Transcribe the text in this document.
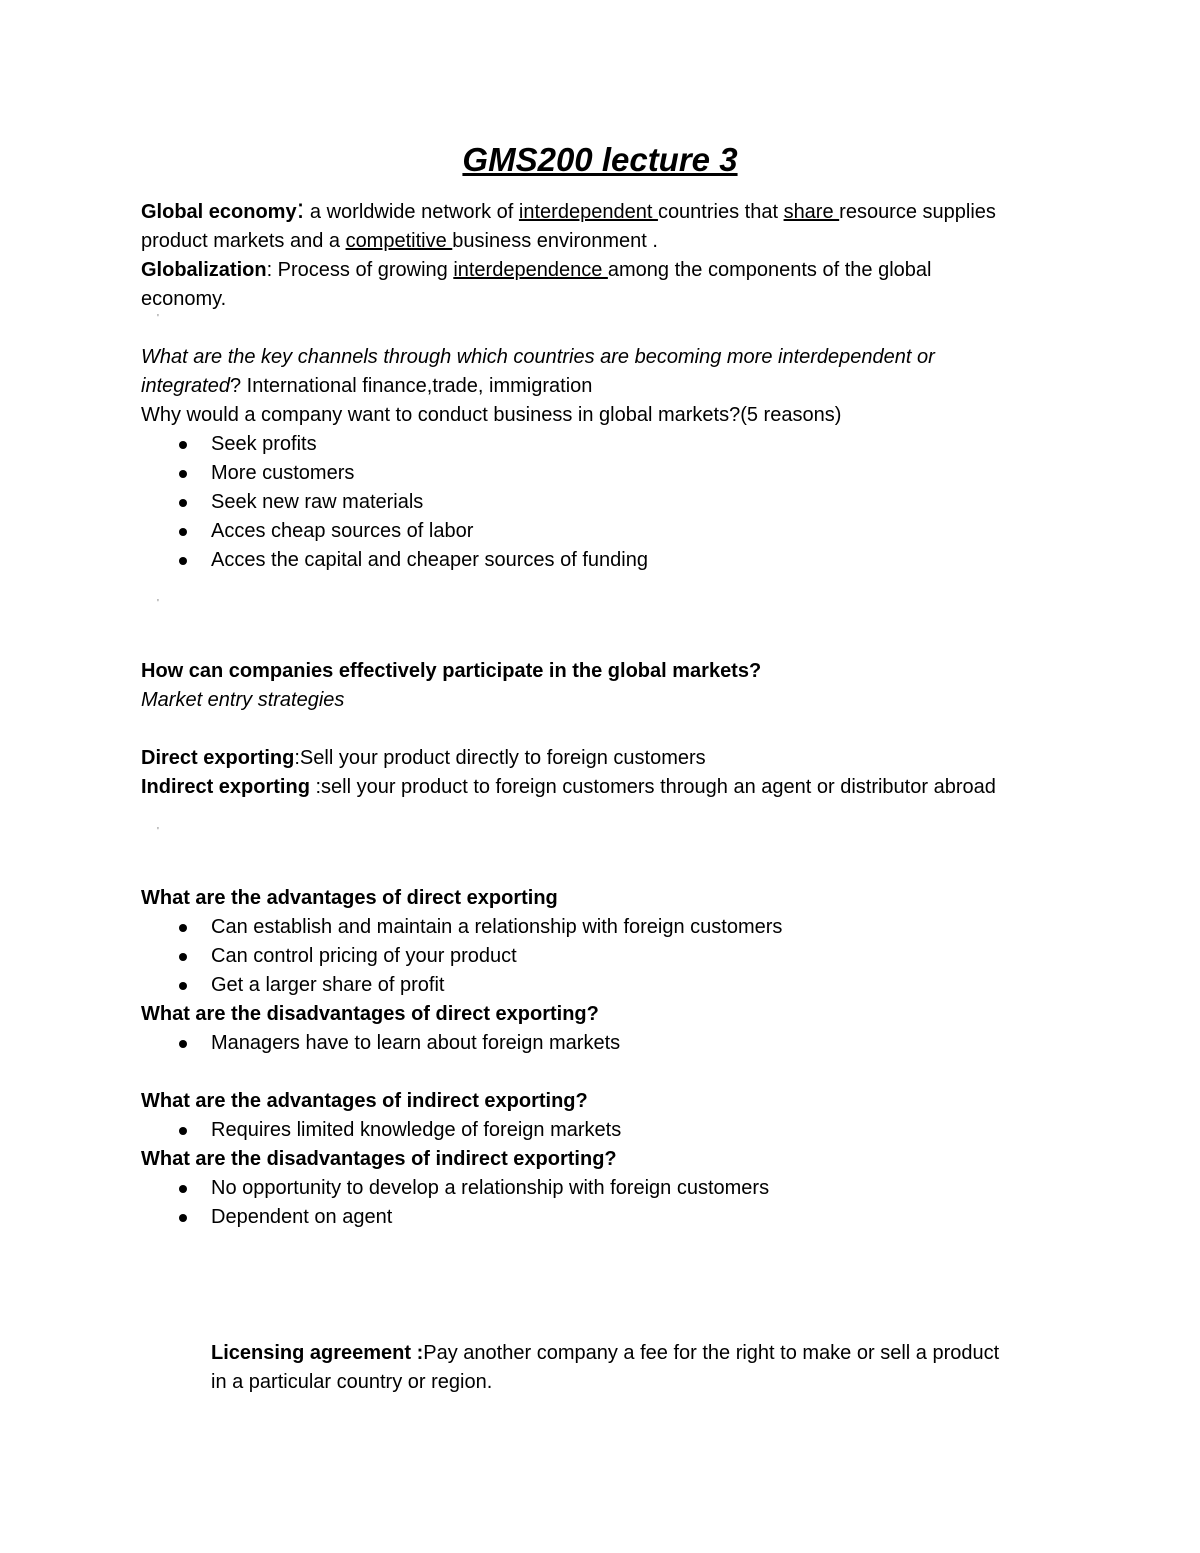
GMS200 lecture 3

Global economy: a worldwide network of interdependent countries that share resource supplies product markets and a competitive business environment .

Globalization: Process of growing interdependence among the components of the global economy.

'

What are the key channels through which countries are becoming more interdependent or integrated? International finance,trade, immigration

Why would a company want to conduct business in global markets?(5 reasons)

Seek profits
More customers
Seek new raw materials
Acces cheap sources of labor
Acces the capital and cheaper sources of funding
'

How can companies effectively participate in the global markets?

Market entry strategies

Direct exporting:Sell your product directly to foreign customers

Indirect exporting :sell your product to foreign customers through an agent or distributor abroad

'

What are the advantages of direct exporting

Can establish and maintain a relationship with foreign customers
Can control pricing of your product
Get a larger share of profit

What are the disadvantages of direct exporting?

Managers have to learn about foreign markets

What are the advantages of indirect exporting?

Requires limited knowledge of foreign markets

What are the disadvantages of indirect exporting?

No opportunity to develop a relationship with foreign customers
Dependent on agent

Licensing agreement :Pay another company a fee for the right to make or sell a product in a particular country or region.
